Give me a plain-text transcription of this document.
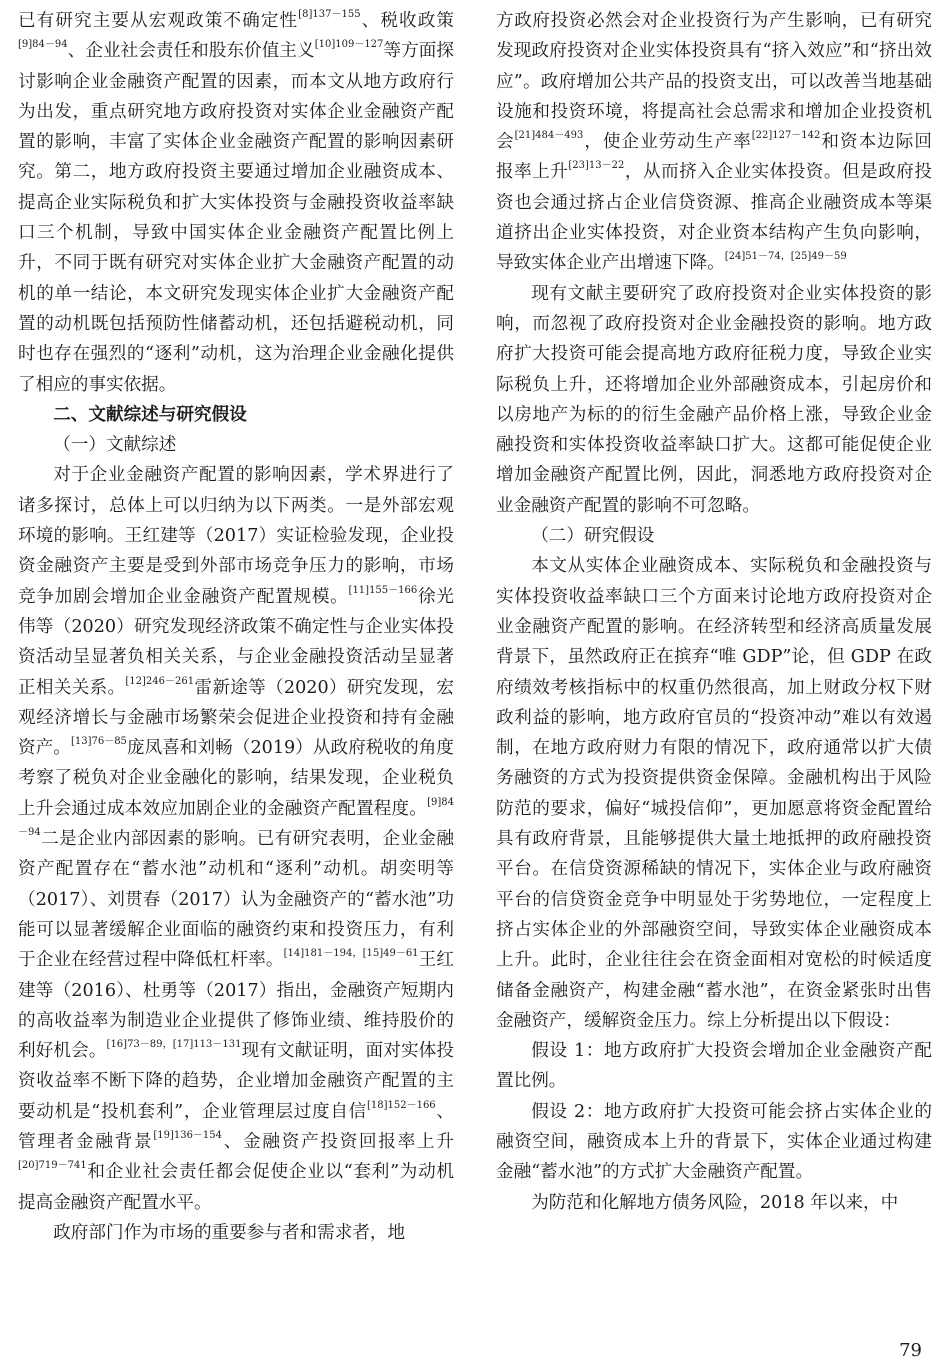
已有研究主要从宏观政策不确定性$^{[8]137-155}$、税收政策$^{[9]84-94}$、企业社会责任和股东价值主义$^{[10]109-127}$等方面探讨影响企业金融资产配置的因素，而本文从地方政府行为出发，重点研究地方政府投资对实体企业金融资产配置的影响，丰富了实体企业金融资产配置的影响因素研究。第二，地方政府投资主要通过增加企业融资成本、提高企业实际税负和扩大实体投资与金融投资收益率缺口三个机制，导致中国实体企业金融资产配置比例上升，不同于既有研究对实体企业扩大金融资产配置的动机的单一结论，本文研究发现实体企业扩大金融资产配置的动机既包括预防性储蓄动机，还包括避税动机，同时也存在强烈的“逐利”动机，这为治理企业金融化提供了相应的事实依据。

二、文献综述与研究假设

（一）文献综述

对于企业金融资产配置的影响因素，学术界进行了诸多探讨，总体上可以归纳为以下两类。一是外部宏观环境的影响。王红建等（2017）实证检验发现，企业投资金融资产主要是受到外部市场竞争压力的影响，市场竞争加剧会增加企业金融资产配置规模。$^{[11]155-166}$徐光伟等（2020）研究发现经济政策不确定性与企业实体投资活动呈显著负相关关系，与企业金融投资活动呈显著正相关关系。$^{[12]246-261}$雷新途等（2020）研究发现，宏观经济增长与金融市场繁荣会促进企业投资和持有金融资产。$^{[13]76-85}$庞凤喜和刘畅（2019）从政府税收的角度考察了税负对企业金融化的影响，结果发现，企业税负上升会通过成本效应加剧企业的金融资产配置程度。$^{[9]84-94}$二是企业内部因素的影响。已有研究表明，企业金融资产配置存在“蓄水池”动机和“逐利”动机。胡奕明等（2017）、刘贯春（2017）认为金融资产的“蓄水池”功能可以显著缓解企业面临的融资约束和投资压力，有利于企业在经营过程中降低杠杆率。$^{[14]181-194,[15]49-61}$王红建等（2016）、杜勇等（2017）指出，金融资产短期内的高收益率为制造业企业提供了修饰业绩、维持股价的利好机会。$^{[16]73-89,[17]113-131}$现有文献证明，面对实体投资收益率不断下降的趋势，企业增加金融资产配置的主要动机是“投机套利”，企业管理层过度自信$^{[18]152-166}$、管理者金融背景$^{[19]136-154}$、金融资产投资回报率上升$^{[20]719-741}$和企业社会责任都会促使企业以“套利”为动机提高金融资产配置水平。

政府部门作为市场的重要参与者和需求者，地

方政府投资必然会对企业投资行为产生影响，已有研究发现政府投资对企业实体投资具有“挤入效应”和“挤出效应”。政府增加公共产品的投资支出，可以改善当地基础设施和投资环境，将提高社会总需求和增加企业投资机会$^{[21]484-493}$，使企业劳动生产率$^{[22]127-142}$和资本边际回报率上升$^{[23]13-22}$，从而挤入企业实体投资。但是政府投资也会通过挤占企业信贷资源、推高企业融资成本等渠道挤出企业实体投资，对企业资本结构产生负向影响，导致实体企业产出增速下降。$^{[24]51-74,[25]49-59}$

现有文献主要研究了政府投资对企业实体投资的影响，而忽视了政府投资对企业金融投资的影响。地方政府扩大投资可能会提高地方政府征税力度，导致企业实际税负上升，还将增加企业外部融资成本，引起房价和以房地产为标的的衍生金融产品价格上涨，导致企业金融投资和实体投资收益率缺口扩大。这都可能促使企业增加金融资产配置比例，因此，洞悉地方政府投资对企业金融资产配置的影响不可忽略。

（二）研究假设

本文从实体企业融资成本、实际税负和金融投资与实体投资收益率缺口三个方面来讨论地方政府投资对企业金融资产配置的影响。在经济转型和经济高质量发展背景下，虽然政府正在摈弃“唯 GDP”论，但 GDP 在政府绩效考核指标中的权重仍然很高，加上财政分权下财政利益的影响，地方政府官员的“投资冲动”难以有效遏制，在地方政府财力有限的情况下，政府通常以扩大债务融资的方式为投资提供资金保障。金融机构出于风险防范的要求，偏好“城投信仰”，更加愿意将资金配置给具有政府背景，且能够提供大量土地抵押的政府融投资平台。在信贷资源稀缺的情况下，实体企业与政府融资平台的信贷资金竞争中明显处于劣势地位，一定程度上挤占实体企业的外部融资空间，导致实体企业融资成本上升。此时，企业往往会在资金面相对宽松的时候适度储备金融资产，构建金融“蓄水池”，在资金紧张时出售金融资产，缓解资金压力。综上分析提出以下假设：

假设 1：地方政府扩大投资会增加企业金融资产配置比例。

假设 2：地方政府扩大投资可能会挤占实体企业的融资空间，融资成本上升的背景下，实体企业通过构建金融“蓄水池”的方式扩大金融资产配置。

为防范和化解地方债务风险，2018 年以来，中

79
